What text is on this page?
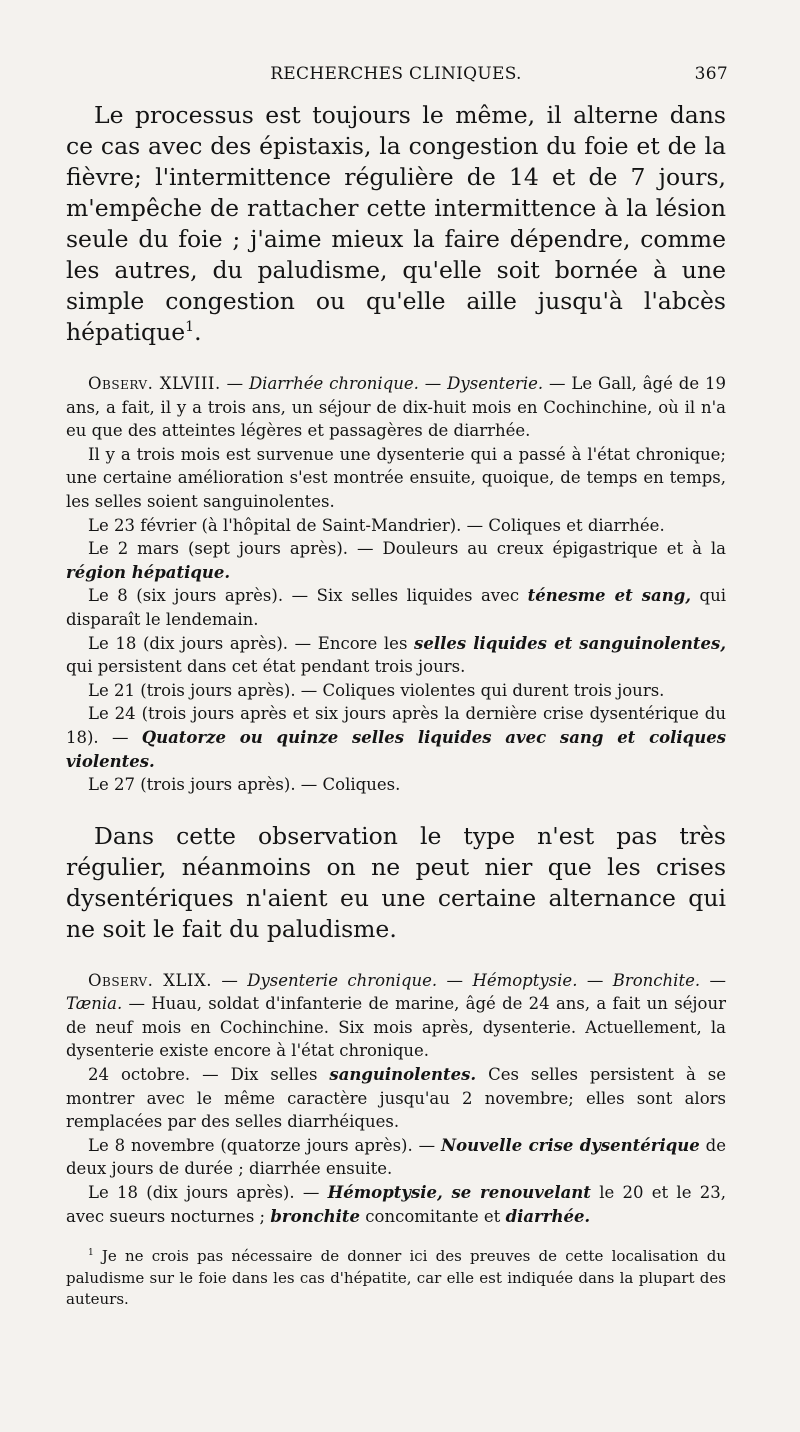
RECHERCHES CLINIQUES.	367

Le processus est toujours le même, il alterne dans ce cas avec des épistaxis, la congestion du foie et de la fièvre; l'intermittence régulière de 14 et de 7 jours, m'empêche de rattacher cette intermittence à la lésion seule du foie ; j'aime mieux la faire dépendre, comme les autres, du paludisme, qu'elle soit bornée à une simple congestion ou qu'elle aille jusqu'à l'abcès hépatique$^1$.

Observ. XLVIII. — Diarrhée chronique. — Dysenterie. — Le Gall, âgé de 19 ans, a fait, il y a trois ans, un séjour de dix-huit mois en Cochinchine, où il n'a eu que des atteintes légères et passagères de diarrhée.

Il y a trois mois est survenue une dysenterie qui a passé à l'état chronique; une certaine amélioration s'est montrée ensuite, quoique, de temps en temps, les selles soient sanguinolentes.

Le 23 février (à l'hôpital de Saint-Mandrier). — Coliques et diarrhée.

Le 2 mars (sept jours après). — Douleurs au creux épigastrique et à la région hépatique.

Le 8 (six jours après). — Six selles liquides avec ténesme et sang, qui disparaît le lendemain.

Le 18 (dix jours après). — Encore les selles liquides et sanguinolentes, qui persistent dans cet état pendant trois jours.

Le 21 (trois jours après). — Coliques violentes qui durent trois jours.

Le 24 (trois jours après et six jours après la dernière crise dysentérique du 18). — Quatorze ou quinze selles liquides avec sang et coliques violentes.

Le 27 (trois jours après). — Coliques.

Dans cette observation le type n'est pas très régulier, néanmoins on ne peut nier que les crises dysentériques n'aient eu une certaine alternance qui ne soit le fait du paludisme.

Observ. XLIX. — Dysenterie chronique. — Hémoptysie. — Bronchite. — Tænia. — Huau, soldat d'infanterie de marine, âgé de 24 ans, a fait un séjour de neuf mois en Cochinchine. Six mois après, dysenterie. Actuellement, la dysenterie existe encore à l'état chronique.

24 octobre. — Dix selles sanguinolentes. Ces selles persistent à se montrer avec le même caractère jusqu'au 2 novembre; elles sont alors remplacées par des selles diarrhéiques.

Le 8 novembre (quatorze jours après). — Nouvelle crise dysentérique de deux jours de durée ; diarrhée ensuite.

Le 18 (dix jours après). — Hémoptysie, se renouvelant le 20 et le 23, avec sueurs nocturnes ; bronchite concomitante et diarrhée.

$^1$ Je ne crois pas nécessaire de donner ici des preuves de cette localisation du paludisme sur le foie dans les cas d'hépatite, car elle est indiquée dans la plupart des auteurs.
